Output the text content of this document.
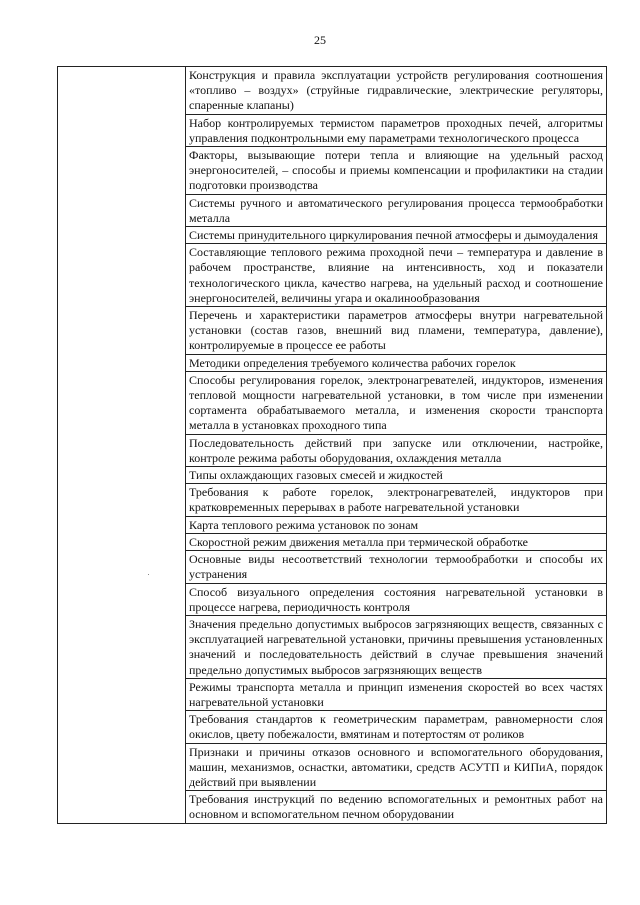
25

Конструкция и правила эксплуатации устройств регулирования соотношения «топливо – воздух» (струйные гидравлические, электрические регуляторы, спаренные клапаны)
Набор контролируемых термистом параметров проходных печей, алгоритмы управления подконтрольными ему параметрами технологического процесса
Факторы, вызывающие потери тепла и влияющие на удельный расход энергоносителей, – способы и приемы компенсации и профилактики на стадии подготовки производства
Системы ручного и автоматического регулирования процесса термообработки металла
Системы принудительного циркулирования печной атмосферы и дымоудаления
Составляющие теплового режима проходной печи – температура и давление в рабочем пространстве, влияние на интенсивность, ход и показатели технологического цикла, качество нагрева, на удельный расход и соотношение энергоносителей, величины угара и окалинообразования
Перечень и характеристики параметров атмосферы внутри нагревательной установки (состав газов, внешний вид пламени, температура, давление), контролируемые в процессе ее работы
Методики определения требуемого количества рабочих горелок
Способы регулирования горелок, электронагревателей, индукторов, изменения тепловой мощности нагревательной установки, в том числе при изменении сортамента обрабатываемого металла, и изменения скорости транспорта металла в установках проходного типа
Последовательность действий при запуске или отключении, настройке, контроле режима работы оборудования, охлаждения металла
Типы охлаждающих газовых смесей и жидкостей
Требования к работе горелок, электронагревателей, индукторов при кратковременных перерывах в работе нагревательной установки
Карта теплового режима установок по зонам
Скоростной режим движения металла при термической обработке
Основные виды несоответствий технологии термообработки и способы их устранения
Способ визуального определения состояния нагревательной установки в процессе нагрева, периодичность контроля
Значения предельно допустимых выбросов загрязняющих веществ, связанных с эксплуатацией нагревательной установки, причины превышения установленных значений и последовательность действий в случае превышения значений предельно допустимых выбросов загрязняющих веществ
Режимы транспорта металла и принцип изменения скоростей во всех частях нагревательной установки
Требования стандартов к геометрическим параметрам, равномерности слоя окислов, цвету побежалости, вмятинам и потертостям от роликов
Признаки и причины отказов основного и вспомогательного оборудования, машин, механизмов, оснастки, автоматики, средств АСУТП и КИПиА, порядок действий при выявлении
Требования инструкций по ведению вспомогательных и ремонтных работ на основном и вспомогательном печном оборудовании
